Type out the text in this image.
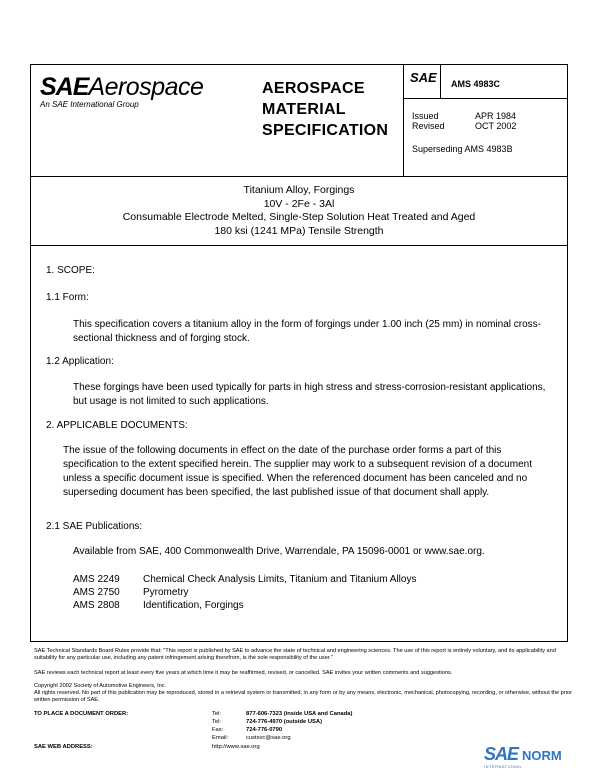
SAEAerospace
An SAE International Group
AEROSPACE
MATERIAL
SPECIFICATION
SAE AMS 4983C
Issued	APR 1984
Revised	OCT 2002
Superseding AMS 4983B
Titanium Alloy, Forgings
10V - 2Fe - 3Al
Consumable Electrode Melted, Single-Step Solution Heat Treated and Aged
180 ksi (1241 MPa) Tensile Strength
1. SCOPE:
1.1 Form:
This specification covers a titanium alloy in the form of forgings under 1.00 inch (25 mm) in nominal cross-sectional thickness and of forging stock.
1.2 Application:
These forgings have been used typically for parts in high stress and stress-corrosion-resistant applications, but usage is not limited to such applications.
2. APPLICABLE DOCUMENTS:
The issue of the following documents in effect on the date of the purchase order forms a part of this specification to the extent specified herein. The supplier may work to a subsequent revision of a document unless a specific document issue is specified. When the referenced document has been canceled and no superseding document has been specified, the last published issue of that document shall apply.
2.1 SAE Publications:
Available from SAE, 400 Commonwealth Drive, Warrendale, PA 15096-0001 or www.sae.org.
AMS 2249 Chemical Check Analysis Limits, Titanium and Titanium Alloys
AMS 2750 Pyrometry
AMS 2808 Identification, Forgings
SAE Technical Standards Board Rules provide that: "This report is published by SAE to advance the state of technical and engineering sciences. The use of this report is entirely voluntary, and its applicability and suitability for any particular use, including any patent infringement arising therefrom, is the sole responsibility of the user."
SAE reviews each technical report at least every five years at which time it may be reaffirmed, revised, or cancelled. SAE invites your written comments and suggestions.
Copyright 2002 Society of Automotive Engineers, Inc.
All rights reserved. No part of this publication may be reproduced, stored in a retrieval system or transmitted, in any form or by any means, electronic, mechanical, photocopying, recording, or otherwise, without the prior written permission of SAE.
TO PLACE A DOCUMENT ORDER:	Tel:	877-606-7323 (inside USA and Canada)
Tel:	724-776-4970 (outside USA)
Fax:	724-776-0790
Email:	custsvc@sae.org
SAE WEB ADDRESS:	http://www.sae.org	SAE NORM
INTERNATIONAL
